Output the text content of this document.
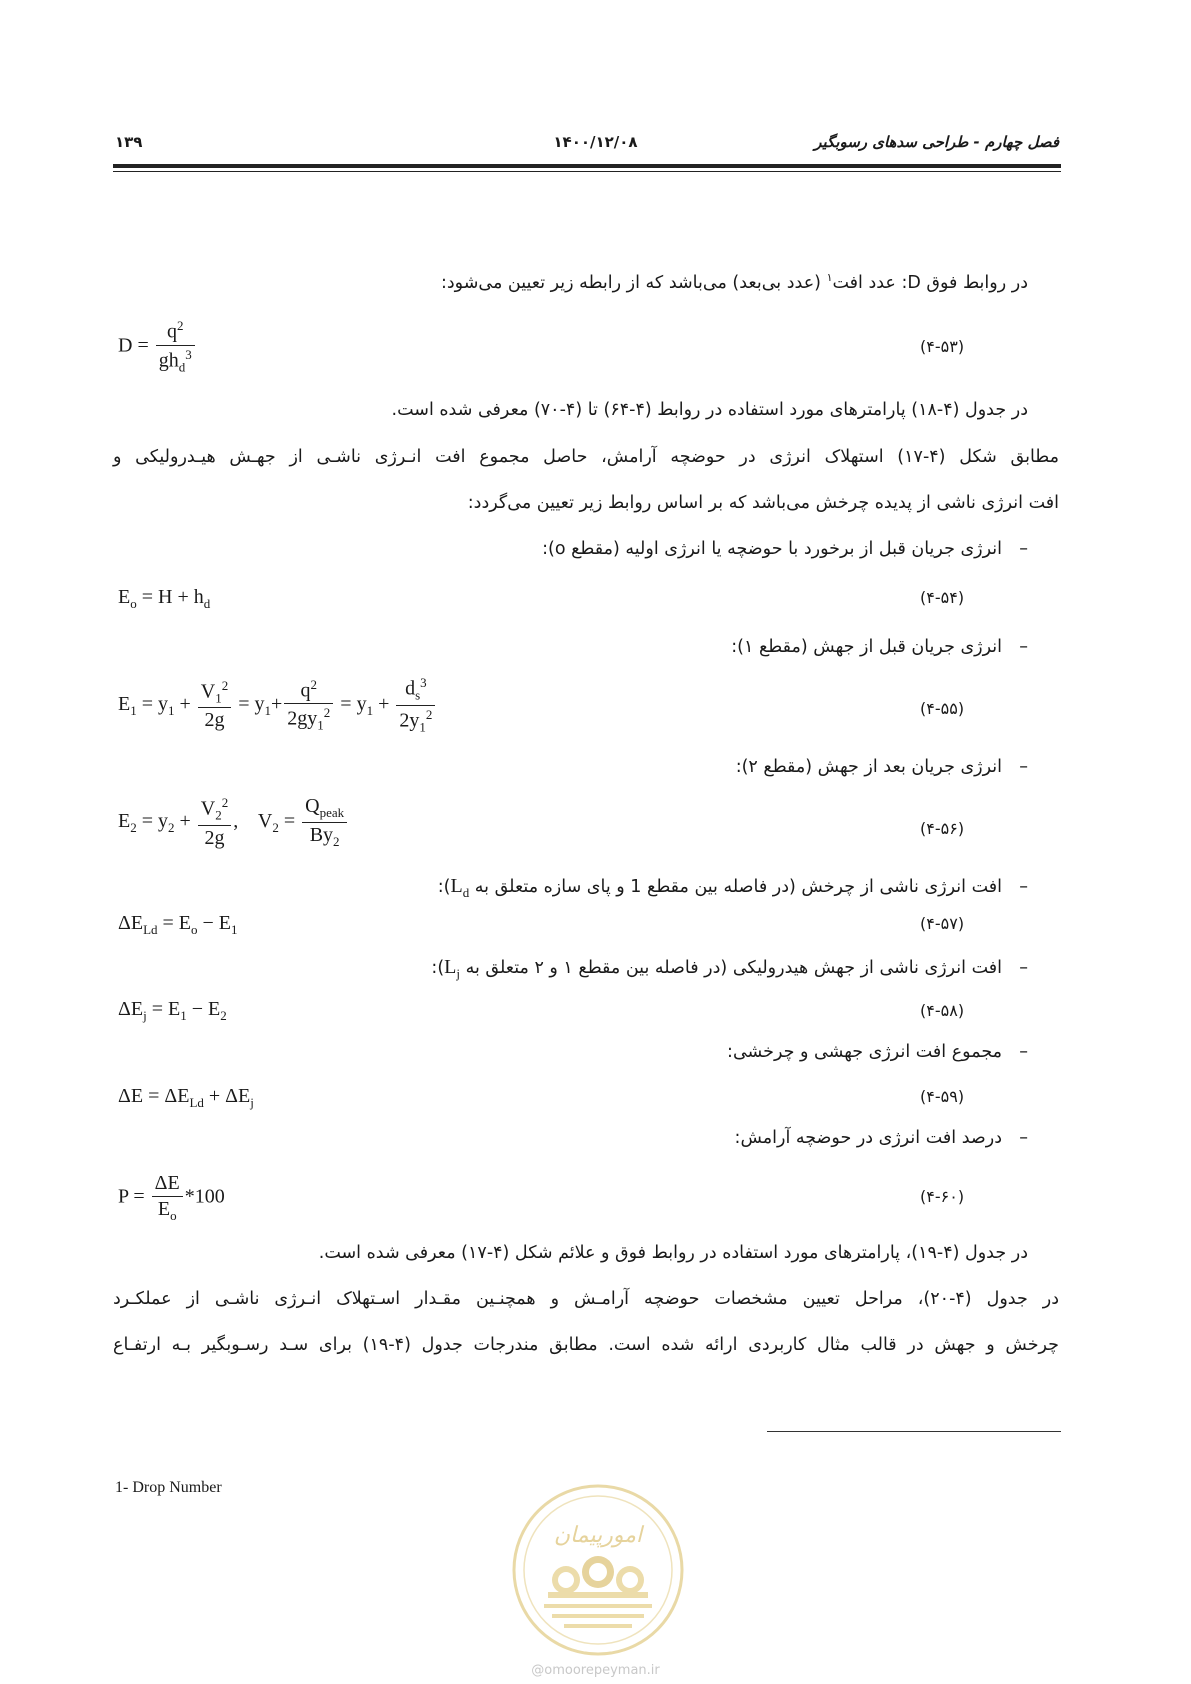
فصل چهارم - طراحی سدهای رسوبگیر
۱۴۰۰/۱۲/۰۸
۱۳۹
در روابط فوق D: عدد افت$^۱$ (عدد بی‌بعد) می‌باشد که از رابطه زیر تعیین می‌شود:
$D = \frac{q^2}{gh_d^3}$	(۴-۵۳)
در جدول (۴-۱۸) پارامترهای مورد استفاده در روابط (۴-۶۴) تا (۴-۷۰) معرفی شده است.
مطابق شکل (۴-۱۷) استهلاک انرژی در حوضچه آرامش، حاصل مجموع افت انـرژی ناشـی از جهـش هیـدرولیکی و
افت انرژی ناشی از پدیده چرخش می‌باشد که بر اساس روابط زیر تعیین می‌گردد:
–انرژی جریان قبل از برخورد با حوضچه یا انرژی اولیه (مقطع o):
$E_o = H + h_d$	(۴-۵۴)
–انرژی جریان قبل از جهش (مقطع ۱):
$E_1 = y_1 + \frac{V_1^2}{2g} = y_1+ \frac{q^2}{2gy_1^2} = y_1 + \frac{d_s^3}{2y_1^2}$	(۴-۵۵)
–انرژی جریان بعد از جهش (مقطع ۲):
$E_2 = y_2 + \frac{V_2^2}{2g}$ ,    $V_2 = \frac{Q_{peak}}{By_2}$	(۴-۵۶)
–افت انرژی ناشی از چرخش (در فاصله بین مقطع 1 و پای سازه متعلق به $L_d$):
$\Delta E_{Ld} = E_o - E_1$	(۴-۵۷)
–افت انرژی ناشی از جهش هیدرولیکی (در فاصله بین مقطع ۱ و ۲ متعلق به $L_j$):
$\Delta E_j = E_1 - E_2$	(۴-۵۸)
–مجموع افت انرژی جهشی و چرخشی:
$\Delta E = \Delta E_{Ld} + \Delta E_j$	(۴-۵۹)
–درصد افت انرژی در حوضچه آرامش:
$P = \frac{\Delta E}{E_o} *100$	(۴-۶۰)
در جدول (۴-۱۹)، پارامترهای مورد استفاده در روابط فوق و علائم شکل (۴-۱۷) معرفی شده است.
در جدول (۴-۲۰)، مراحل تعیین مشخصات حوضچه آرامـش و همچنـین مقـدار اسـتهلاک انـرژی ناشـی از عملکـرد
چرخش و جهش در قالب مثال کاربردی ارائه شده است. مطابق مندرجات جدول (۴-۱۹) برای سـد رسـوبگیر بـه ارتفـاع
1- Drop Number
امورپیمان
@omoorepeyman.ir
